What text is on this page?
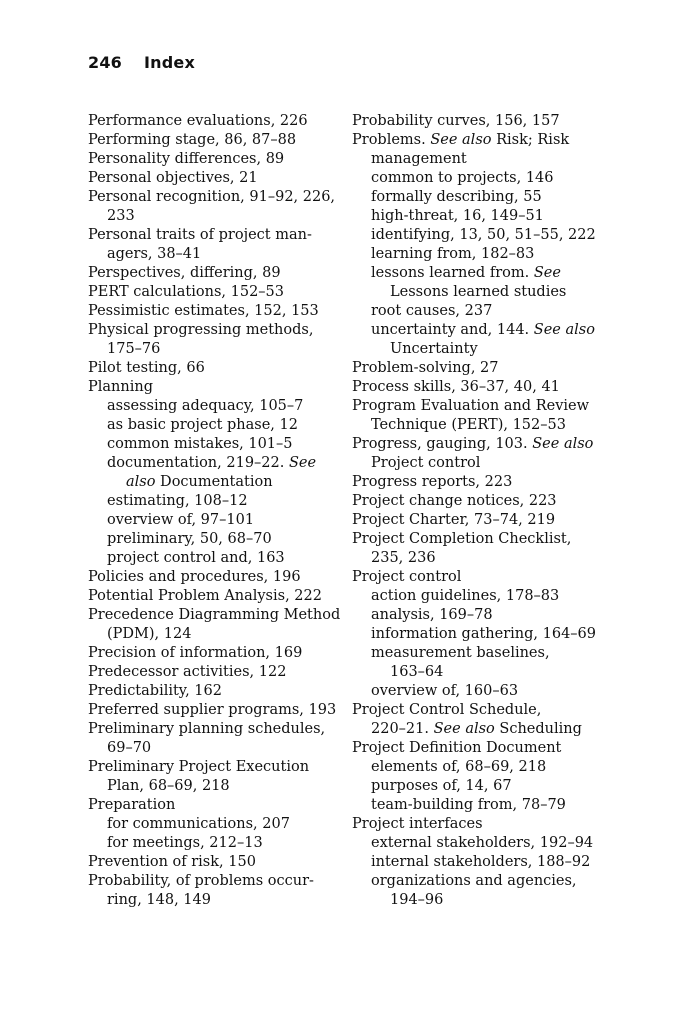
246 Index
Performance evaluations, 226
Performing stage, 86, 87–88
Personality differences, 89
Personal objectives, 21
Personal recognition, 91–92, 226,
233
Personal traits of project man-
agers, 38–41
Perspectives, differing, 89
PERT calculations, 152–53
Pessimistic estimates, 152, 153
Physical progressing methods,
175–76
Pilot testing, 66
Planning
assessing adequacy, 105–7
as basic project phase, 12
common mistakes, 101–5
documentation, 219–22. See
also Documentation
estimating, 108–12
overview of, 97–101
preliminary, 50, 68–70
project control and, 163
Policies and procedures, 196
Potential Problem Analysis, 222
Precedence Diagramming Method
(PDM), 124
Precision of information, 169
Predecessor activities, 122
Predictability, 162
Preferred supplier programs, 193
Preliminary planning schedules,
69–70
Preliminary Project Execution
Plan, 68–69, 218
Preparation
for communications, 207
for meetings, 212–13
Prevention of risk, 150
Probability, of problems occur-
ring, 148, 149
Probability curves, 156, 157
Problems. See also Risk; Risk
management
common to projects, 146
formally describing, 55
high-threat, 16, 149–51
identifying, 13, 50, 51–55, 222
learning from, 182–83
lessons learned from. See
Lessons learned studies
root causes, 237
uncertainty and, 144. See also
Uncertainty
Problem-solving, 27
Process skills, 36–37, 40, 41
Program Evaluation and Review
Technique (PERT), 152–53
Progress, gauging, 103. See also
Project control
Progress reports, 223
Project change notices, 223
Project Charter, 73–74, 219
Project Completion Checklist,
235, 236
Project control
action guidelines, 178–83
analysis, 169–78
information gathering, 164–69
measurement baselines,
163–64
overview of, 160–63
Project Control Schedule,
220–21. See also Scheduling
Project Definition Document
elements of, 68–69, 218
purposes of, 14, 67
team-building from, 78–79
Project interfaces
external stakeholders, 192–94
internal stakeholders, 188–92
organizations and agencies,
194–96
